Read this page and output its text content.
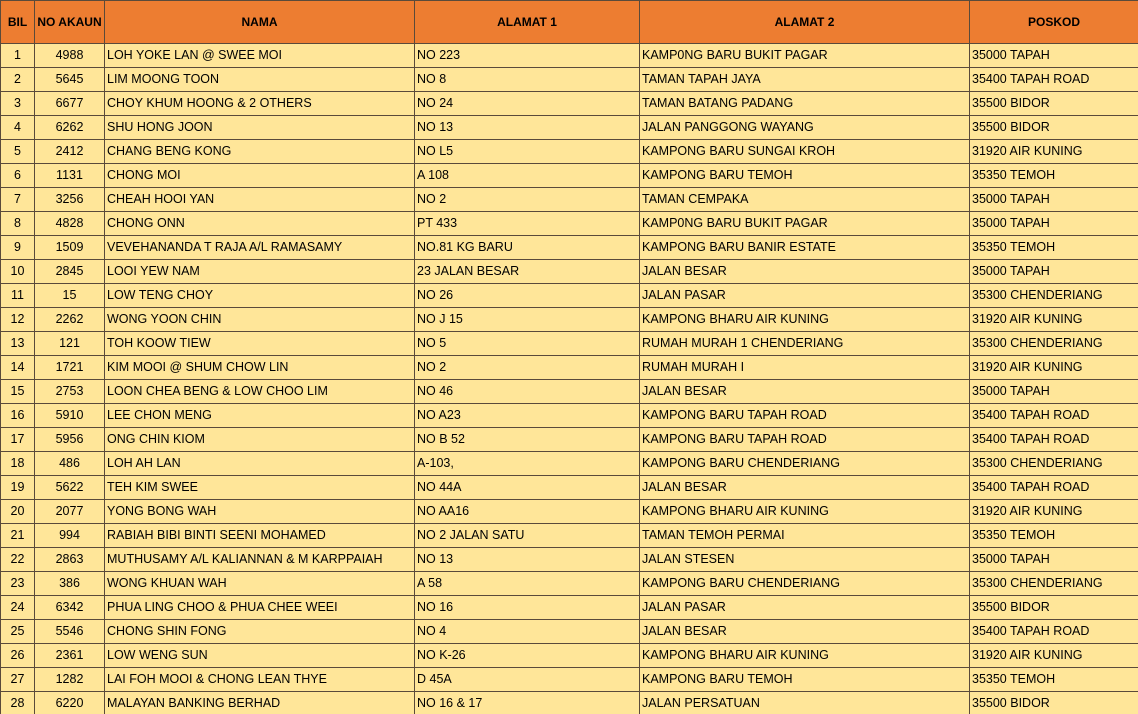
BIL	NO AKAUN	NAMA	ALAMAT 1	ALAMAT 2	POSKOD
1	4988	LOH YOKE LAN @ SWEE MOI	NO 223	KAMP0NG BARU BUKIT PAGAR	35000 TAPAH
2	5645	LIM MOONG TOON	NO 8	TAMAN TAPAH JAYA	35400 TAPAH ROAD
3	6677	CHOY KHUM HOONG & 2 OTHERS	NO 24	TAMAN BATANG PADANG	35500 BIDOR
4	6262	SHU HONG JOON	NO 13	JALAN PANGGONG WAYANG	35500 BIDOR
5	2412	CHANG BENG KONG	NO L5	KAMPONG BARU SUNGAI KROH	31920 AIR KUNING
6	1131	CHONG MOI	A 108	KAMPONG BARU TEMOH	35350 TEMOH
7	3256	CHEAH HOOI YAN	NO 2	TAMAN CEMPAKA	35000 TAPAH
8	4828	CHONG ONN	PT 433	KAMP0NG BARU BUKIT PAGAR	35000 TAPAH
9	1509	VEVEHANANDA T RAJA A/L RAMASAMY	NO.81 KG BARU	KAMPONG BARU BANIR ESTATE	35350 TEMOH
10	2845	LOOI YEW NAM	23 JALAN BESAR	JALAN BESAR	35000 TAPAH
11	15	LOW TENG CHOY	NO 26	JALAN PASAR	35300 CHENDERIANG
12	2262	WONG YOON CHIN	NO J 15	KAMPONG BHARU AIR KUNING	31920 AIR KUNING
13	121	TOH KOOW TIEW	NO 5	RUMAH MURAH 1 CHENDERIANG	35300 CHENDERIANG
14	1721	KIM MOOI @ SHUM CHOW LIN	NO 2	RUMAH MURAH I	31920 AIR KUNING
15	2753	LOON CHEA BENG & LOW CHOO LIM	NO 46	JALAN BESAR	35000 TAPAH
16	5910	LEE CHON MENG	NO A23	KAMPONG BARU TAPAH ROAD	35400 TAPAH ROAD
17	5956	ONG CHIN KIOM	NO B 52	KAMPONG BARU TAPAH ROAD	35400 TAPAH ROAD
18	486	LOH AH LAN	A-103,	KAMPONG BARU CHENDERIANG	35300 CHENDERIANG
19	5622	TEH KIM SWEE	NO 44A	JALAN BESAR	35400 TAPAH ROAD
20	2077	YONG BONG WAH	NO AA16	KAMPONG BHARU AIR KUNING	31920 AIR KUNING
21	994	RABIAH BIBI BINTI SEENI MOHAMED	NO 2 JALAN SATU	TAMAN TEMOH PERMAI	35350 TEMOH
22	2863	MUTHUSAMY A/L KALIANNAN & M KARPPAIAH	NO 13	JALAN STESEN	35000 TAPAH
23	386	WONG KHUAN WAH	A 58	KAMPONG BARU CHENDERIANG	35300 CHENDERIANG
24	6342	PHUA LING CHOO & PHUA CHEE WEEI	NO 16	JALAN PASAR	35500 BIDOR
25	5546	CHONG SHIN FONG	NO 4	JALAN BESAR	35400 TAPAH ROAD
26	2361	LOW WENG SUN	NO K-26	KAMPONG BHARU AIR KUNING	31920 AIR KUNING
27	1282	LAI FOH MOOI & CHONG LEAN THYE	D 45A	KAMPONG BARU TEMOH	35350 TEMOH
28	6220	MALAYAN BANKING BERHAD	NO 16 & 17	JALAN PERSATUAN	35500 BIDOR
